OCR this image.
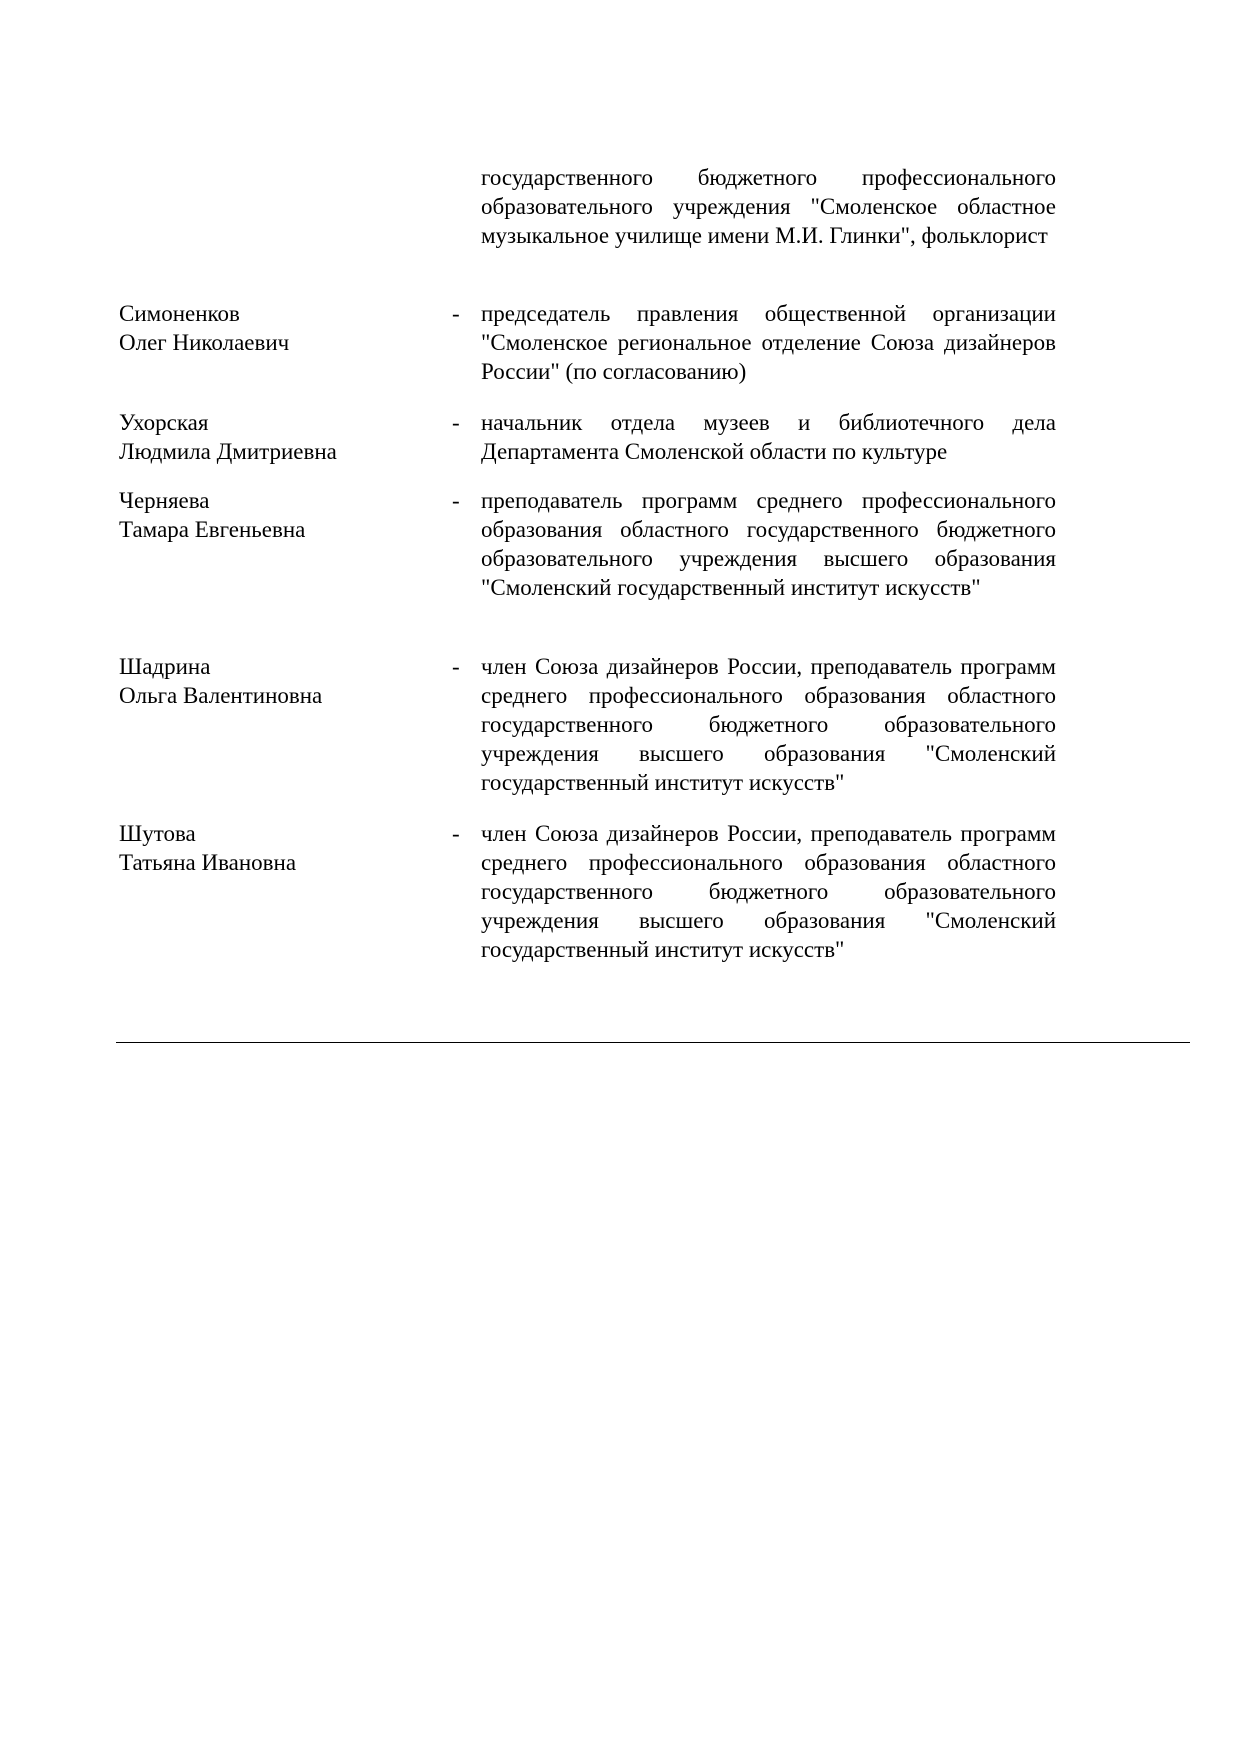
государственного бюджетного профессионального образовательного учреждения "Смоленское областное музыкальное училище имени М.И. Глинки", фольклорист
Симоненков
Олег Николаевич
- председатель правления общественной организации "Смоленское региональное отделение Союза дизайнеров России" (по согласованию)
Ухорская
Людмила Дмитриевна
- начальник отдела музеев и библиотечного дела Департамента Смоленской области по культуре
Черняева
Тамара Евгеньевна
- преподаватель программ среднего профессионального образования областного государственного бюджетного образовательного учреждения высшего образования "Смоленский государственный институт искусств"
Шадрина
Ольга Валентиновна
- член Союза дизайнеров России, преподаватель программ среднего профессионального образования областного государственного бюджетного образовательного учреждения высшего образования "Смоленский государственный институт искусств"
Шутова
Татьяна Ивановна
- член Союза дизайнеров России, преподаватель программ среднего профессионального образования областного государственного бюджетного образовательного учреждения высшего образования "Смоленский государственный институт искусств"
